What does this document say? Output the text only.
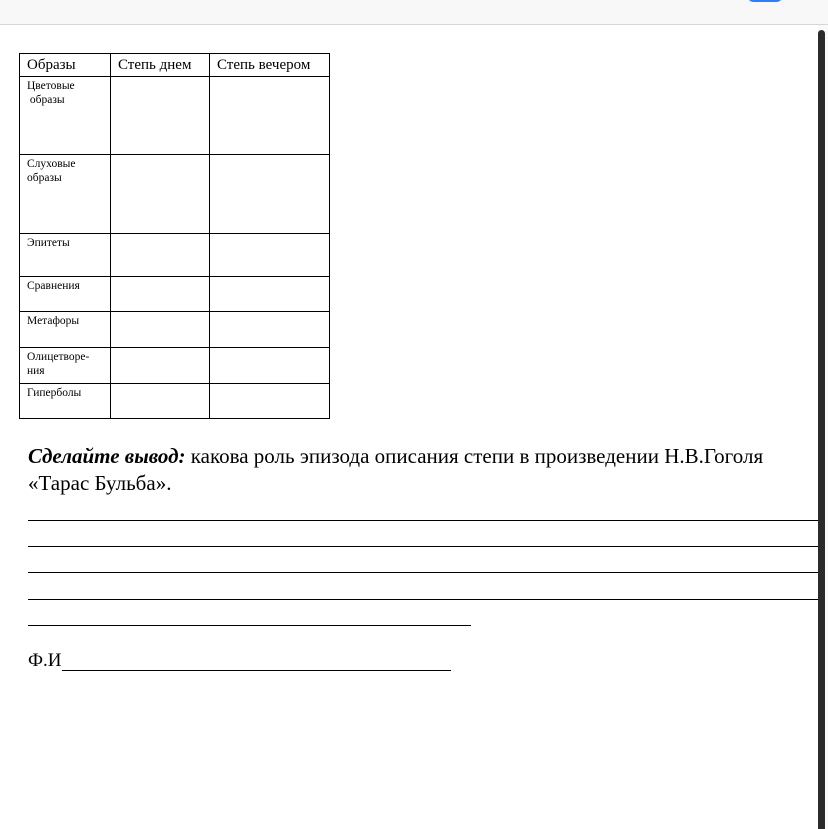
Образы	Степь днем	Степь вечером

Цветовые
образы		

Слуховые
образы		

Эпитеты		

Сравнения		

Метафоры		

Олицетворе-
ния		

Гиперболы		

Сделайте вывод: какова роль эпизода описания степи в произведении Н.В.Гоголя
«Тарас Бульба».
Ф.И
